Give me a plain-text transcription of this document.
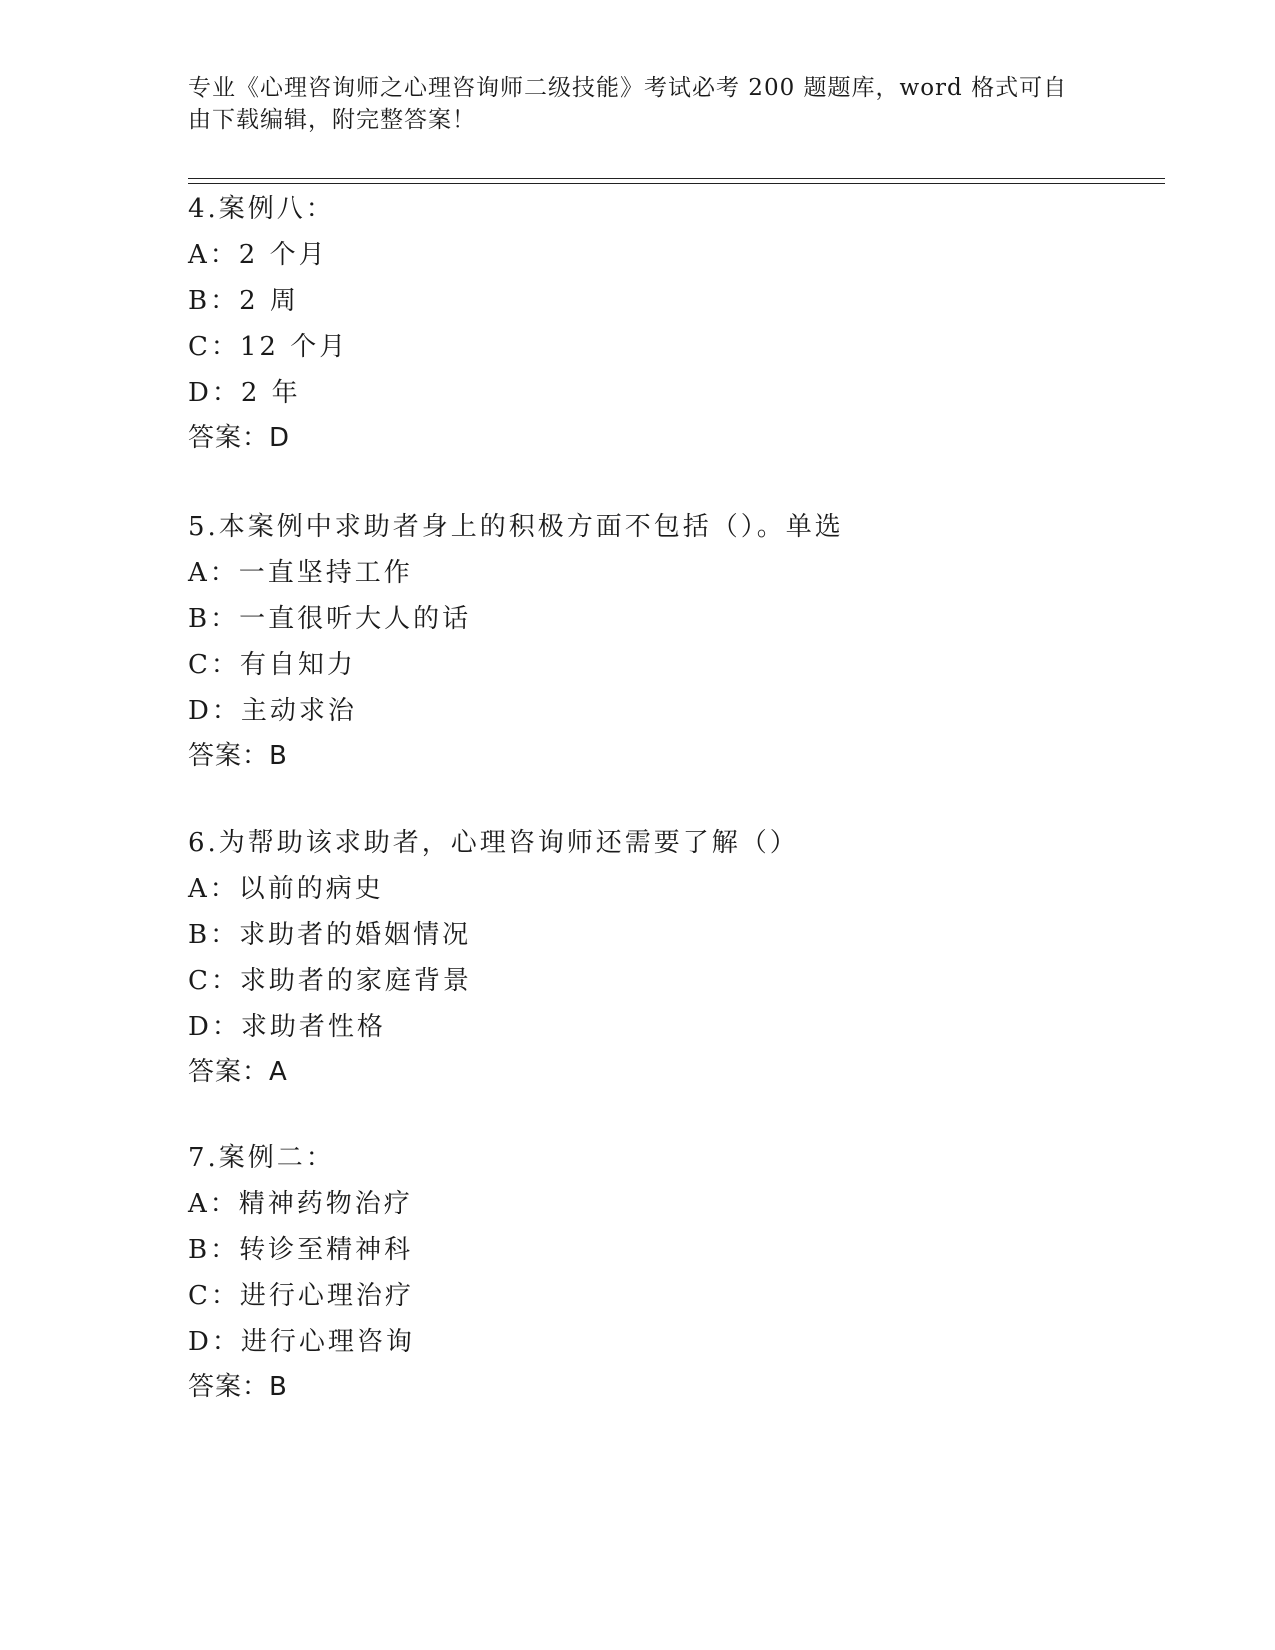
专业《心理咨询师之心理咨询师二级技能》考试必考 200 题题库，word 格式可自
由下载编辑，附完整答案！
4.案例八：
A：2 个月
B：2 周
C：12 个月
D：2 年
答案：D
5.本案例中求助者身上的积极方面不包括（）。单选
A：一直坚持工作
B：一直很听大人的话
C：有自知力
D：主动求治
答案：B
6.为帮助该求助者，心理咨询师还需要了解（）
A：以前的病史
B：求助者的婚姻情况
C：求助者的家庭背景
D：求助者性格
答案：A
7.案例二：
A：精神药物治疗
B：转诊至精神科
C：进行心理治疗
D：进行心理咨询
答案：B
